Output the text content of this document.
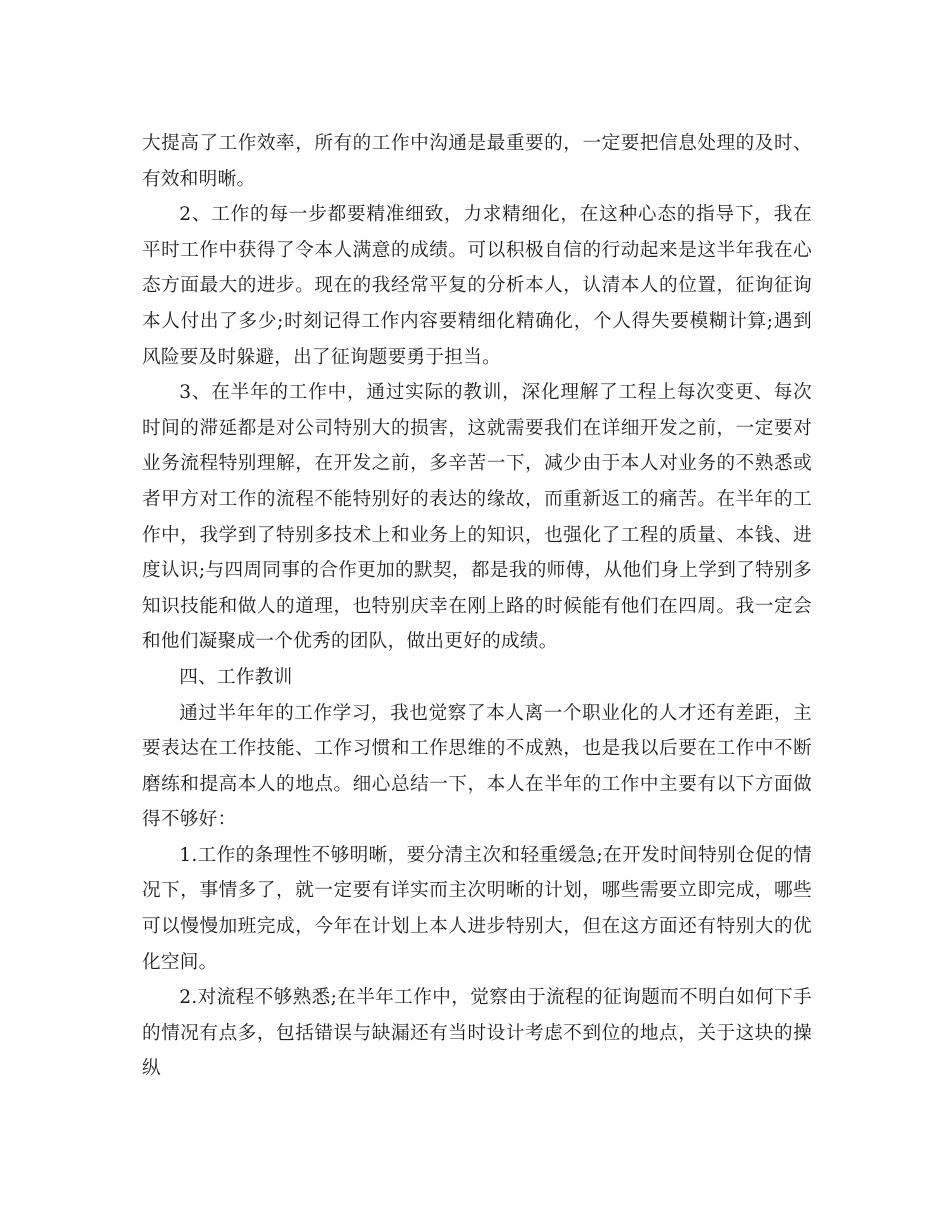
大提高了工作效率，所有的工作中沟通是最重要的，一定要把信息处理的及时、有效和明晰。

2、工作的每一步都要精准细致，力求精细化，在这种心态的指导下，我在平时工作中获得了令本人满意的成绩。可以积极自信的行动起来是这半年我在心态方面最大的进步。现在的我经常平复的分析本人，认清本人的位置，征询征询本人付出了多少;时刻记得工作内容要精细化精确化，个人得失要模糊计算;遇到风险要及时躲避，出了征询题要勇于担当。

3、在半年的工作中，通过实际的教训，深化理解了工程上每次变更、每次时间的滞延都是对公司特别大的损害，这就需要我们在详细开发之前，一定要对业务流程特别理解，在开发之前，多辛苦一下，减少由于本人对业务的不熟悉或者甲方对工作的流程不能特别好的表达的缘故，而重新返工的痛苦。在半年的工作中，我学到了特别多技术上和业务上的知识，也强化了工程的质量、本钱、进度认识;与四周同事的合作更加的默契，都是我的师傅，从他们身上学到了特别多知识技能和做人的道理，也特别庆幸在刚上路的时候能有他们在四周。我一定会和他们凝聚成一个优秀的团队，做出更好的成绩。

四、工作教训

通过半年年的工作学习，我也觉察了本人离一个职业化的人才还有差距，主要表达在工作技能、工作习惯和工作思维的不成熟，也是我以后要在工作中不断磨练和提高本人的地点。细心总结一下，本人在半年的工作中主要有以下方面做得不够好：

1.工作的条理性不够明晰，要分清主次和轻重缓急;在开发时间特别仓促的情况下，事情多了，就一定要有详实而主次明晰的计划，哪些需要立即完成，哪些可以慢慢加班完成，今年在计划上本人进步特别大，但在这方面还有特别大的优化空间。

2.对流程不够熟悉;在半年工作中，觉察由于流程的征询题而不明白如何下手的情况有点多，包括错误与缺漏还有当时设计考虑不到位的地点，关于这块的操纵
